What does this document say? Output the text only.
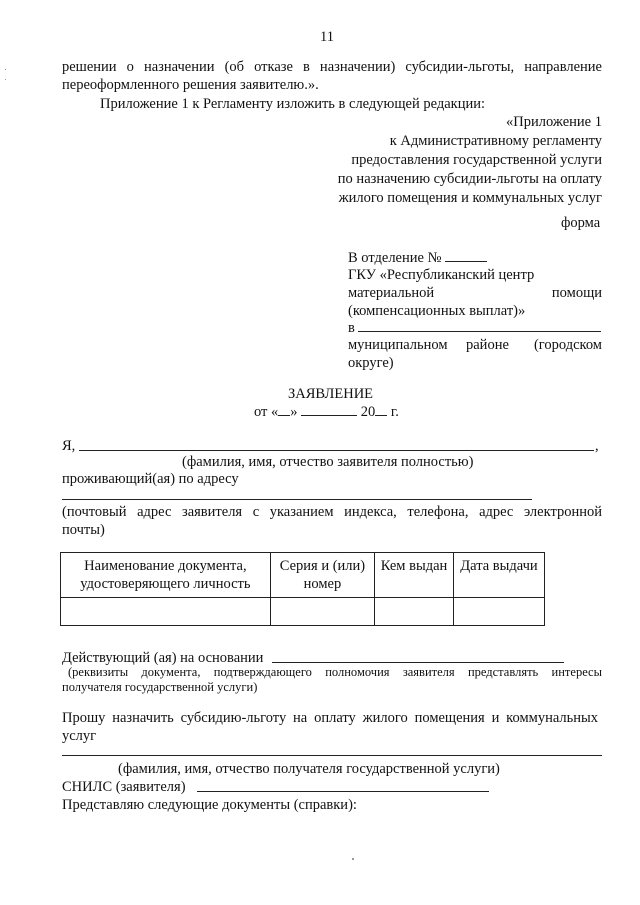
11
решении о назначении (об отказе в назначении) субсидии-льготы, направление
переоформленного решения заявителю.».
Приложение 1 к Регламенту изложить в следующей редакции:
«Приложение 1
к Административному регламенту
предоставления государственной услуги
по назначению субсидии-льготы на оплату
жилого помещения и коммунальных услуг
форма
В отделение №
ГКУ «Республиканский центр
материальной	помощи
(компенсационных выплат)»
в
муниципальном районе (городском
округе)
ЗАЯВЛЕНИЕ
от « »	20 г.
Я,	,
(фамилия, имя, отчество заявителя полностью)
проживающий(ая) по адресу
(почтовый адрес заявителя с указанием индекса, телефона, адрес электронной
почты)
Наименование документа, удостоверяющего личность	Серия и (или) номер	Кем выдан	Дата выдачи

Действующий (ая) на основании
(реквизиты документа, подтверждающего полномочия заявителя представлять интересы
получателя государственной услуги)
Прошу назначить субсидию-льготу на оплату жилого помещения и коммунальных
услуг
(фамилия, имя, отчество получателя государственной услуги)
СНИЛС (заявителя)
Представляю следующие документы (справки):
